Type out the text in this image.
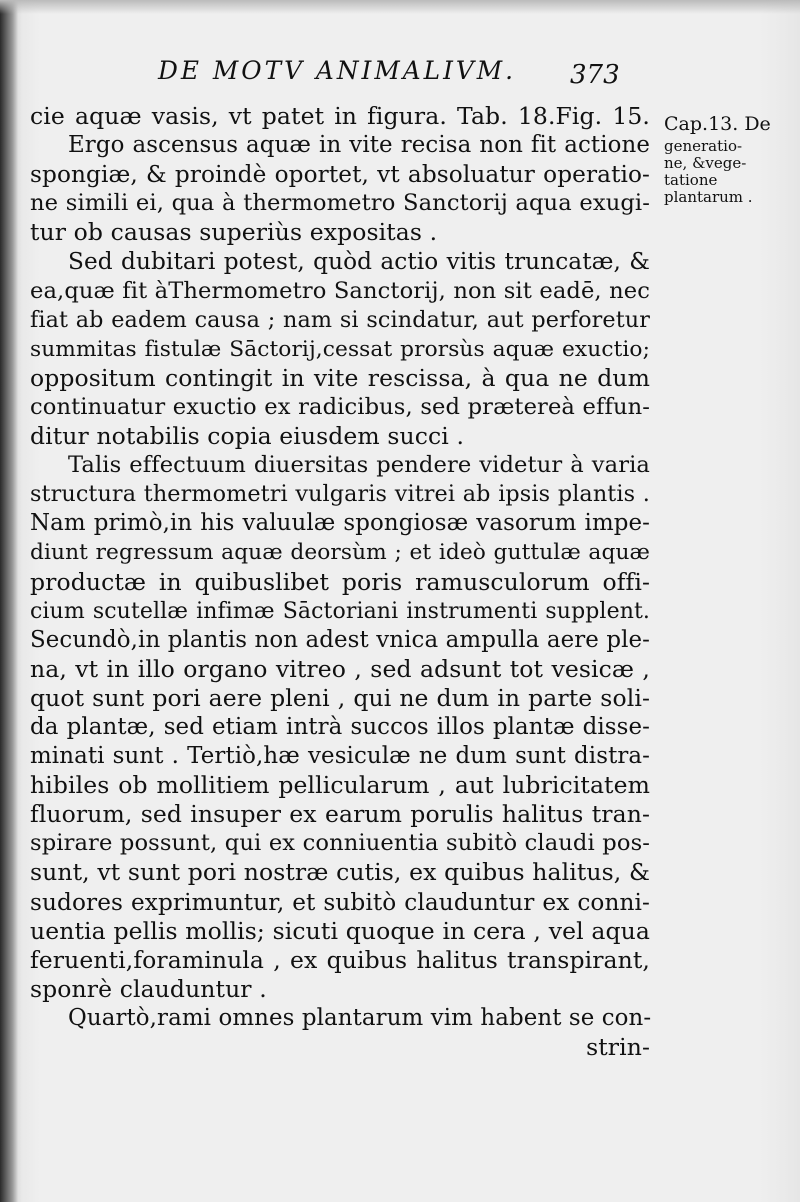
DE MOTV ANIMALIVM. 373
Cap.13. De
generatio-
ne, &vege-
tatione
plantarum .
cie aquæ vasis, vt patet in figura. Tab. 18.Fig. 15.
Ergo ascensus aquæ in vite recisa non fit actione
spongiæ, & proindè oportet, vt absoluatur operatio-
ne simili ei, qua à thermometro Sanctorij aqua exugi-
tur ob causas superiùs expositas .
Sed dubitari potest, quòd actio vitis truncatæ, &
ea,quæ fit àThermometro Sanctorij, non sit eadē, nec
fiat ab eadem causa ; nam si scindatur, aut perforetur
summitas fistulæ Sāctorij,cessat prorsùs aquæ exuctio;
oppositum contingit in vite rescissa, à qua ne dum
continuatur exuctio ex radicibus, sed prætereà effun-
ditur notabilis copia eiusdem succi .
Talis effectuum diuersitas pendere videtur à varia
structura thermometri vulgaris vitrei ab ipsis plantis .
Nam primò,in his valuulæ spongiosæ vasorum impe-
diunt regressum aquæ deorsùm ; et ideò guttulæ aquæ
productæ in quibuslibet poris ramusculorum offi-
cium scutellæ infimæ Sāctoriani instrumenti supplent.
Secundò,in plantis non adest vnica ampulla aere ple-
na, vt in illo organo vitreo , sed adsunt tot vesicæ ,
quot sunt pori aere pleni , qui ne dum in parte soli-
da plantæ, sed etiam intrà succos illos plantæ disse-
minati sunt . Tertiò,hæ vesiculæ ne dum sunt distra-
hibiles ob mollitiem pellicularum , aut lubricitatem
fluorum, sed insuper ex earum porulis halitus tran-
spirare possunt, qui ex conniuentia subitò claudi pos-
sunt, vt sunt pori nostræ cutis, ex quibus halitus, &
sudores exprimuntur, et subitò clauduntur ex conni-
uentia pellis mollis; sicuti quoque in cera , vel aqua
feruenti,foraminula , ex quibus halitus transpirant,
sponrè clauduntur .
Quartò,rami omnes plantarum vim habent se con-
strin-
